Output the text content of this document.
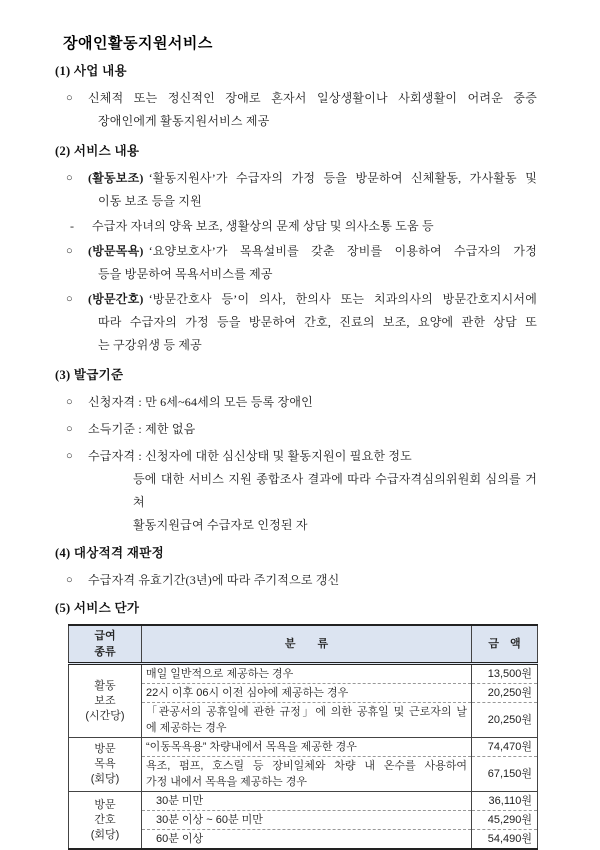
장애인활동지원서비스
(1) 사업 내용
○	신체적 또는 정신적인 장애로 혼자서 일상생활이나 사회생활이 어려운 중증
장애인에게 활동지원서비스 제공
(2) 서비스 내용
○	(활동보조) ‘활동지원사’가 수급자의 가정 등을 방문하여 신체활동, 가사활동 및
이동 보조 등을 지원
-	수급자 자녀의 양육 보조, 생활상의 문제 상담 및 의사소통 도움 등
○	(방문목욕) ‘요양보호사’가 목욕설비를 갖춘 장비를 이용하여 수급자의 가정
등을 방문하여 목욕서비스를 제공
○	(방문간호) ‘방문간호사 등’이 의사, 한의사 또는 치과의사의 방문간호지시서에
따라 수급자의 가정 등을 방문하여 간호, 진료의 보조, 요양에 관한 상담 또
는 구강위생 등 제공
(3) 발급기준
○	신청자격 : 만 6세~64세의 모든 등록 장애인
○	소득기준 : 제한 없음
○	수급자격 : 신청자에 대한 심신상태 및 활동지원이 필요한 정도
등에 대한 서비스 지원 종합조사 결과에 따라 수급자격심의위원회 심의를 거쳐
활동지원급여 수급자로 인정된 자
(4) 대상적격 재판정
○	수급자격 유효기간(3년)에 따라 주기적으로 갱신
(5) 서비스 단가
급여
종류	분　　류	금　액

활동
보조
(시간당)	매일 일반적으로 제공하는 경우	13,500원

	22시 이후 06시 이전 심야에 제공하는 경우	20,250원

	「관공서의 공휴일에 관한 규정」에 의한 공휴일 및 근로자의 날
에 제공하는 경우	20,250원

방문
목욕
(회당)	“이동목욕용” 차량내에서 목욕을 제공한 경우	74,470원

	욕조, 펌프, 호스릴 등 장비일체와 차량 내 온수를 사용하여
가정 내에서 목욕을 제공하는 경우	67,150원

방문
간호
(회당)	30분 미만	36,110원

	30분 이상 ~ 60분 미만	45,290원

	60분 이상	54,490원
